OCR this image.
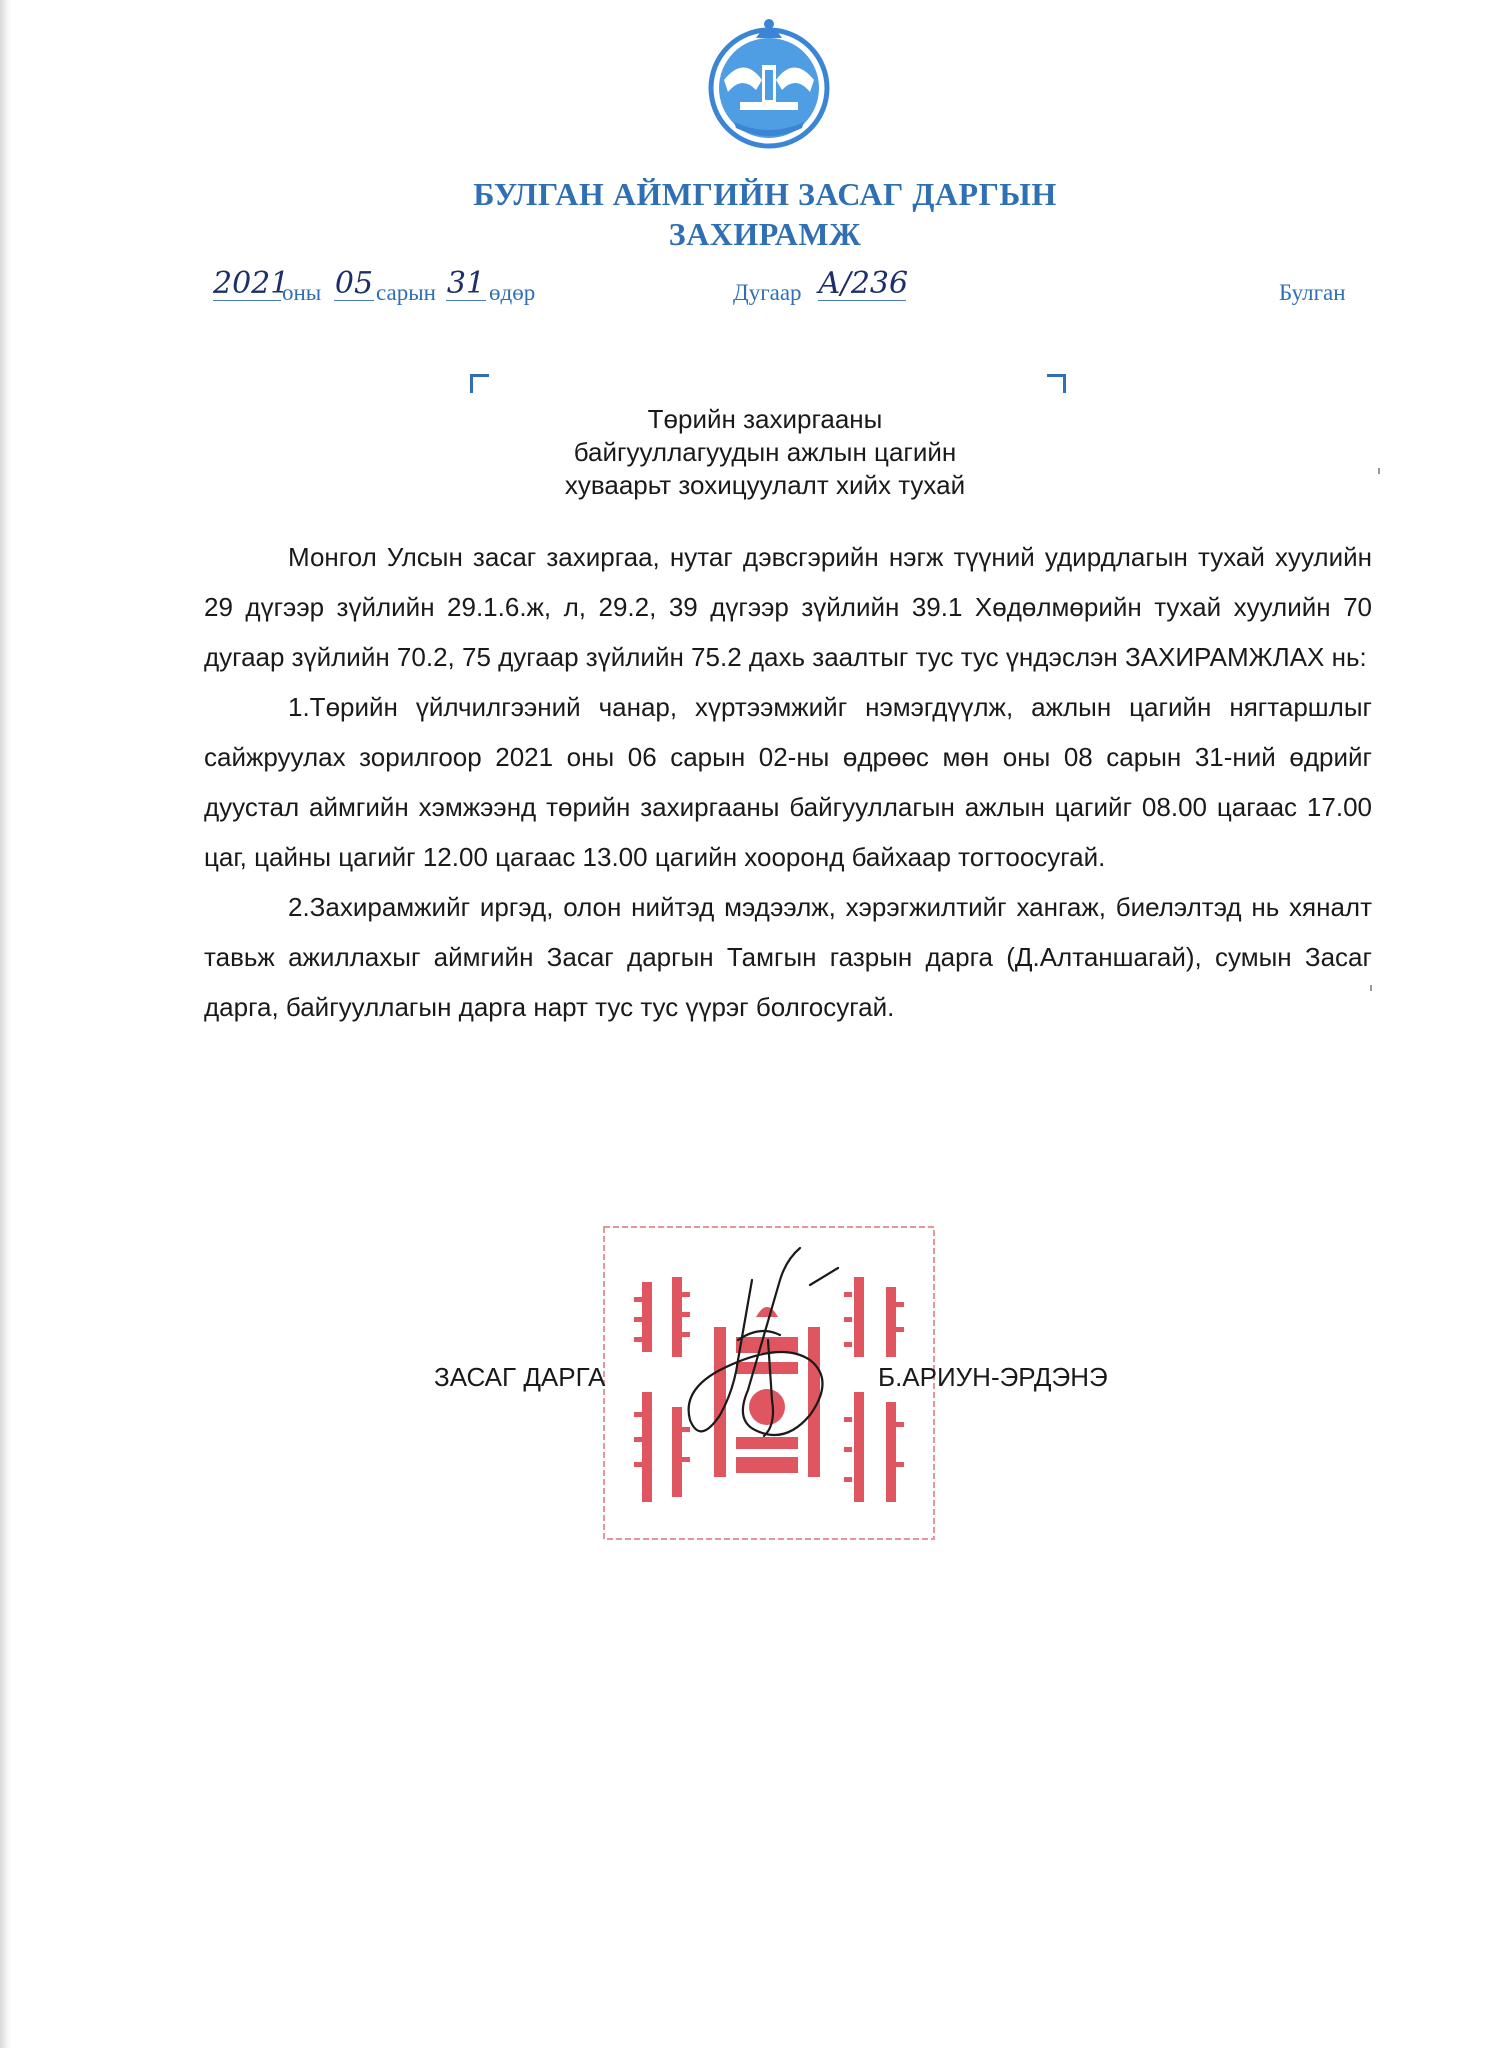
БУЛГАН АЙМГИЙН ЗАСАГ ДАРГЫН
ЗАХИРАМЖ
2021
оны 05 сарын 31 өдөр	Дугаар А/236	Булган
Төрийн захиргааны
байгууллагуудын ажлын цагийн
хуваарьт зохицуулалт хийх тухай

Монгол Улсын засаг захиргаа, нутаг дэвсгэрийн нэгж түүний удирдлагын тухай хуулийн 29 дүгээр зүйлийн 29.1.6.ж, л, 29.2, 39 дүгээр зүйлийн 39.1 Хөдөлмөрийн тухай хуулийн 70 дугаар зүйлийн 70.2, 75 дугаар зүйлийн 75.2 дахь заалтыг тус тус үндэслэн ЗАХИРАМЖЛАХ нь:

1.Төрийн үйлчилгээний чанар, хүртээмжийг нэмэгдүүлж, ажлын цагийн нягтаршлыг сайжруулах зорилгоор 2021 оны 06 сарын 02-ны өдрөөс мөн оны 08 сарын 31-ний өдрийг дуустал аймгийн хэмжээнд төрийн захиргааны байгууллагын ажлын цагийг 08.00 цагаас 17.00 цаг, цайны цагийг 12.00 цагаас 13.00 цагийн хооронд байхаар тогтоосугай.

2.Захирамжийг иргэд, олон нийтэд мэдээлж, хэрэгжилтийг хангаж, биелэлтэд нь хяналт тавьж ажиллахыг аймгийн Засаг даргын Тамгын газрын дарга (Д.Алтаншагай), сумын Засаг дарга, байгууллагын дарга нарт тус тус үүрэг болгосугай.

ЗАСАГ ДАРГА	Б.АРИУН-ЭРДЭНЭ
